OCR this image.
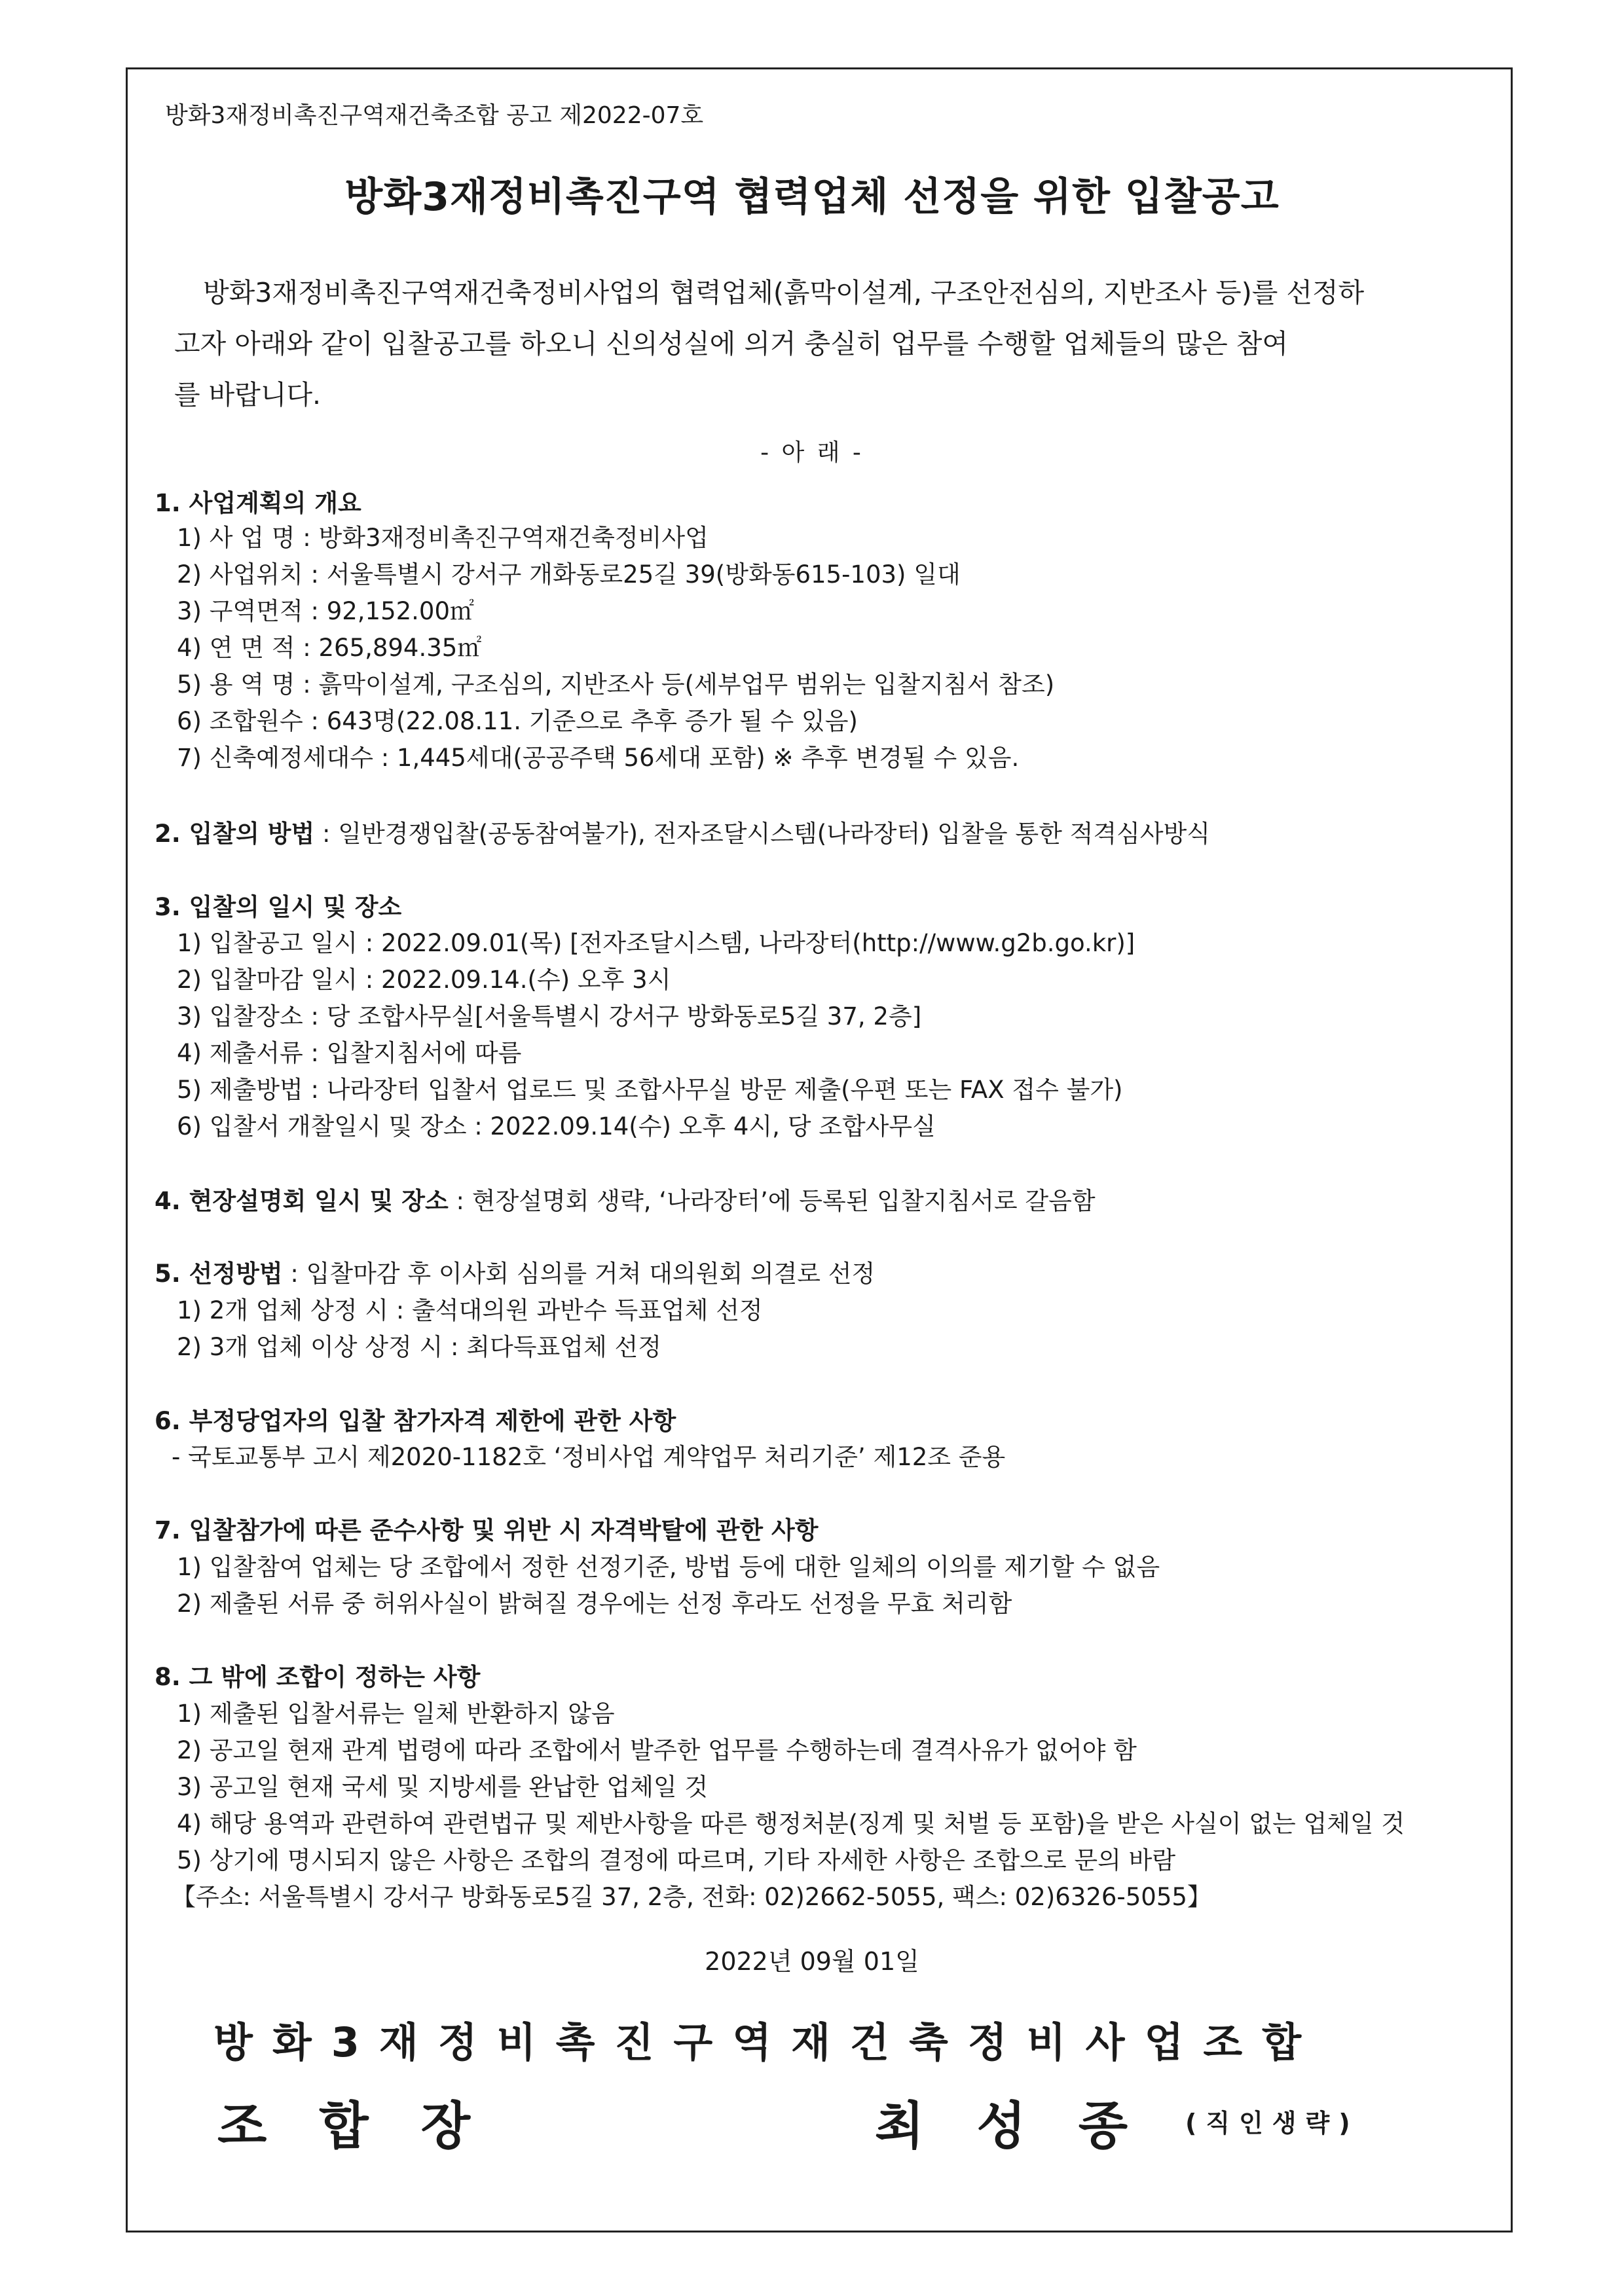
방화3재정비촉진구역재건축조합 공고 제2022-07호
방화3재정비촉진구역 협력업체 선정을 위한 입찰공고
방화3재정비촉진구역재건축정비사업의 협력업체(흙막이설계, 구조안전심의, 지반조사 등)를 선정하
고자 아래와 같이 입찰공고를 하오니 신의성실에 의거 충실히 업무를 수행할 업체들의 많은 참여
를 바랍니다.
- 아 래 -
1. 사업계획의 개요
1) 사 업 명 : 방화3재정비촉진구역재건축정비사업
2) 사업위치 : 서울특별시 강서구 개화동로25길 39(방화동615-103) 일대
3) 구역면적 : 92,152.00㎡
4) 연 면 적 : 265,894.35㎡
5) 용 역 명 : 흙막이설계, 구조심의, 지반조사 등(세부업무 범위는 입찰지침서 참조)
6) 조합원수 : 643명(22.08.11. 기준으로 추후 증가 될 수 있음)
7) 신축예정세대수 : 1,445세대(공공주택 56세대 포함) ※ 추후 변경될 수 있음.
2. 입찰의 방법 : 일반경쟁입찰(공동참여불가), 전자조달시스템(나라장터) 입찰을 통한 적격심사방식
3. 입찰의 일시 및 장소
1) 입찰공고 일시 : 2022.09.01(목) [전자조달시스템, 나라장터(http://www.g2b.go.kr)]
2) 입찰마감 일시 : 2022.09.14.(수) 오후 3시
3) 입찰장소 : 당 조합사무실[서울특별시 강서구 방화동로5길 37, 2층]
4) 제출서류 : 입찰지침서에 따름
5) 제출방법 : 나라장터 입찰서 업로드 및 조합사무실 방문 제출(우편 또는 FAX 접수 불가)
6) 입찰서 개찰일시 및 장소 : 2022.09.14(수) 오후 4시, 당 조합사무실
4. 현장설명회 일시 및 장소 : 현장설명회 생략, ‘나라장터’에 등록된 입찰지침서로 갈음함
5. 선정방법 : 입찰마감 후 이사회 심의를 거쳐 대의원회 의결로 선정
1) 2개 업체 상정 시 : 출석대의원 과반수 득표업체 선정
2) 3개 업체 이상 상정 시 : 최다득표업체 선정
6. 부정당업자의 입찰 참가자격 제한에 관한 사항
- 국토교통부 고시 제2020-1182호 ‘정비사업 계약업무 처리기준’ 제12조 준용
7. 입찰참가에 따른 준수사항 및 위반 시 자격박탈에 관한 사항
1) 입찰참여 업체는 당 조합에서 정한 선정기준, 방법 등에 대한 일체의 이의를 제기할 수 없음
2) 제출된 서류 중 허위사실이 밝혀질 경우에는 선정 후라도 선정을 무효 처리함
8. 그 밖에 조합이 정하는 사항
1) 제출된 입찰서류는 일체 반환하지 않음
2) 공고일 현재 관계 법령에 따라 조합에서 발주한 업무를 수행하는데 결격사유가 없어야 함
3) 공고일 현재 국세 및 지방세를 완납한 업체일 것
4) 해당 용역과 관련하여 관련법규 및 제반사항을 따른 행정처분(징계 및 처벌 등 포함)을 받은 사실이 없는 업체일 것
5) 상기에 명시되지 않은 사항은 조합의 결정에 따르며, 기타 자세한 사항은 조합으로 문의 바람
【주소: 서울특별시 강서구 방화동로5길 37, 2층, 전화: 02)2662-5055, 팩스: 02)6326-5055】
2022년 09월 01일
방화3재정비촉진구역재건축정비사업조합
조합장	최성종 (직인생략)
